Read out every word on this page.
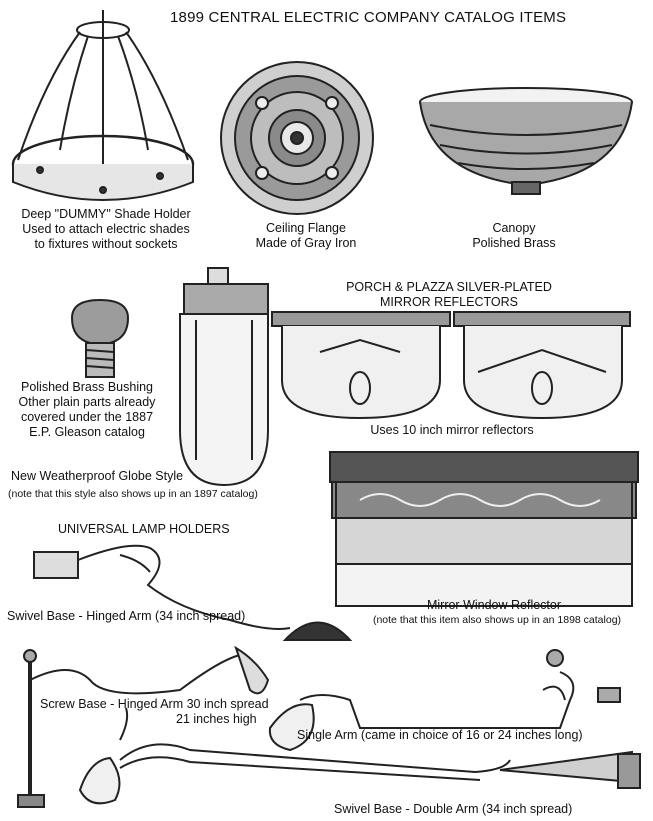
1899 CENTRAL ELECTRIC COMPANY CATALOG ITEMS
Deep "DUMMY" Shade Holder
Used to attach electric shades
to fixtures without sockets
Ceiling Flange
Made of Gray Iron
Canopy
Polished Brass
PORCH & PLAZZA SILVER-PLATED
MIRROR REFLECTORS
Polished Brass Bushing
Other plain parts already
covered under the 1887
E.P. Gleason catalog	Uses 10 inch mirror reflectors
New Weatherproof Globe Style
(note that this style also shows up in an 1897 catalog)
UNIVERSAL LAMP HOLDERS
Mirror Window Reflector
(note that this item also shows up in an 1898 catalog)
Swivel Base - Hinged Arm (34 inch spread)
Screw Base - Hinged Arm 30 inch spread
21 inches high
Single Arm (came in choice of 16 or 24 inches long)
Swivel Base - Double Arm (34 inch spread)
